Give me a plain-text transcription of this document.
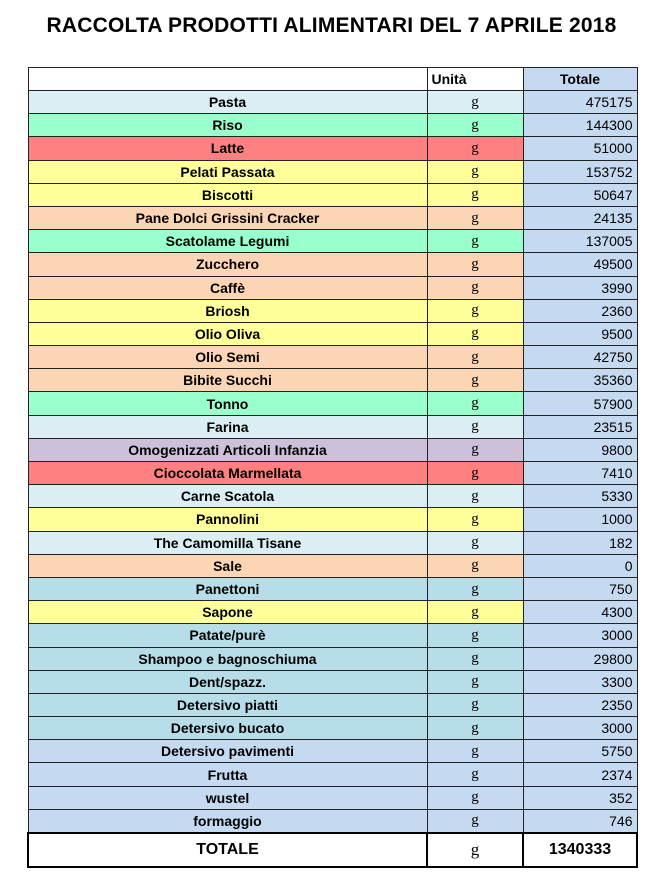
RACCOLTA PRODOTTI ALIMENTARI DEL 7 APRILE 2018
	Unità	Totale
Pasta	g	475175
Riso	g	144300
Latte	g	51000
Pelati Passata	g	153752
Biscotti	g	50647
Pane Dolci Grissini Cracker	g	24135
Scatolame Legumi	g	137005
Zucchero	g	49500
Caffè	g	3990
Briosh	g	2360
Olio Oliva	g	9500
Olio Semi	g	42750
Bibite Succhi	g	35360
Tonno	g	57900
Farina	g	23515
Omogenizzati Articoli Infanzia	g	9800
Cioccolata Marmellata	g	7410
Carne Scatola	g	5330
Pannolini	g	1000
The Camomilla Tisane	g	182
Sale	g	0
Panettoni	g	750
Sapone	g	4300
Patate/purè	g	3000
Shampoo e bagnoschiuma	g	29800
Dent/spazz.	g	3300
Detersivo piatti	g	2350
Detersivo bucato	g	3000
Detersivo pavimenti	g	5750
Frutta	g	2374
wustel	g	352
formaggio	g	746
TOTALE	g	1340333
